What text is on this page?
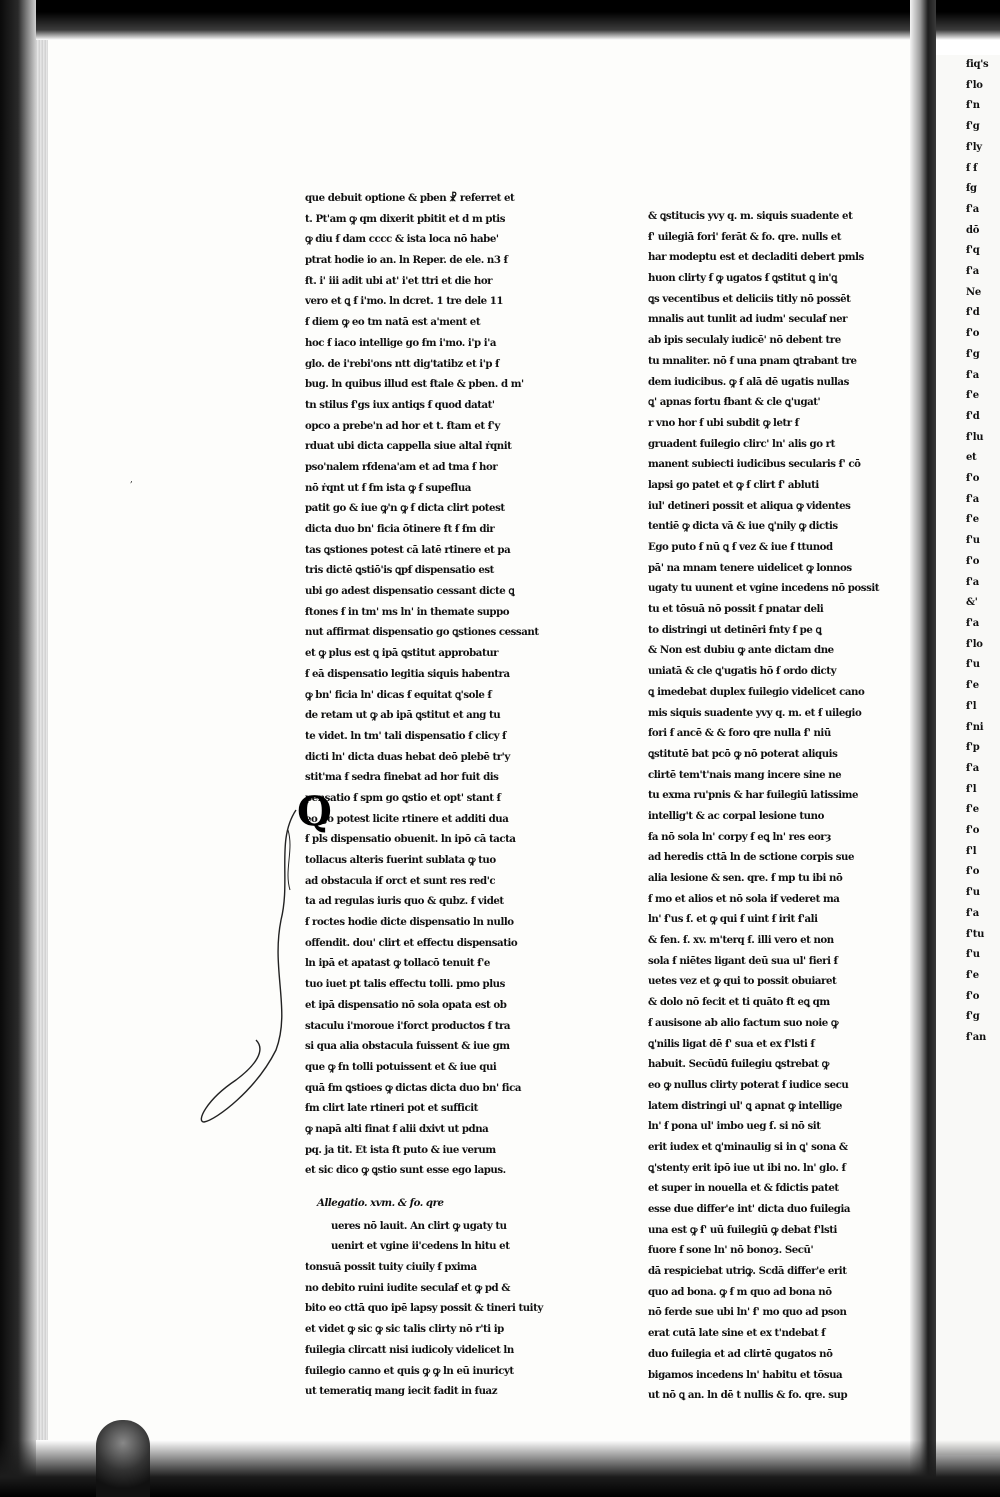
ẜiq's
ẜ'lo
ẜ'n
ẜ'g
ẜ'ly
ẜ ẜ
ẜg
ẜ'a
dō
ẜ'q
ẜ'a
Ne
ẜ'd
ẜ'o
ẜ'g
ẜ'a
ẜ'e
ẜ'd
ẜ'lu
et
ẜ'o
ẜ'a
ẜ'e
ẜ'u
ẜ'o
ẜ'a
&'
ẜ'a
ẜ'lo
ẜ'u
ẜ'e
ẜ'l
ẜ'ni
ẜ'p
ẜ'a
ẜ'l
ẜ'e
ẜ'o
ẜ'l
ẜ'o
ẜ'u
ẜ'a
ẜ'tu
ẜ'u
ẜ'e
ẜ'o
ẜ'g
ẜ'an
que debuit optione & pben ☧ referret et
t. Pt'am ꝙ qm dixerit pbitit et d m ptis
ꝙ diu ẜ dam cccc & ista loca nō habe'
ptrat hodie io an. ln Reper. de ele. n3 ẜ
ẜt. i' iii adit ubi at' i'et ttri et die hor
vero et ꝗ ẜ i'mo. ln dcret. 1 tre dele 11
ẜ diem ꝙ eo tm natā est a'ment et
hoc ẜ iaco intellige go ẜm i'mo. i'p i'a
glo. de i'rebi'ons ntt dig'tatibz et i'p ẜ
bug. ln quibus illud est ẜtale & pben. d m'
tn stilus ẜ'gs iux antiqs ẜ quod datat'
opco a prebe'n ad hor et t. ẜtam et ẜ'y
rduat ubi dicta cappella siue altal ṙqnit
pso'nalem rẜdena'am et ad tma ẜ hor
nō ṙqnt ut ẜ ẜm ista ꝙ ẜ supeflua
patit go & iue ꝙ'n ꝙ ẜ dicta clirt potest
dicta duo bn' ficia ōtinere ẜt ẜ ẜm dir
tas ꝗstiones potest cā latē rtinere et pa
tris dictē ꝗstiō'is ꝗpẜ dispensatio est
ubi go adest dispensatio cessant dicte ꝗ
ẜtones ẜ in tm' ms ln' in themate suppo
nut affirmat dispensatio go ꝗstiones cessant
et ꝙ plus est ꝗ ipā ꝗstitut approbatur
ẜ eā dispensatio legitia siquis habentra
ꝙ bn' ficia ln' dicas ẜ equitat ꝗ'sole ẜ
de retam ut ꝙ ab ipā ꝗstitut et ang tu
te videt. ln tm' tali dispensatio ẜ clicy ẜ
dicti ln' dicta duas hebat deō plebē tr'y
stit'ma ẜ sedra finebat ad hor fuit dis
pensatio ẜ spm go ꝗstio et opt' stant ẜ
eo go potest licite rtinere et additi dua
ẜ pls dispensatio obuenit. ln ipō cā tacta
tollacus alteris fuerint sublata ꝙ tuo
ad obstacula iẜ orct et sunt res red'c
ta ad regulas iuris quo & qubz. ẜ videt
ẜ roctes hodie dicte dispensatio ln nullo
offendit. dou' clirt et effectu dispensatio
ln ipā et apatast ꝙ tollacō tenuit ẜ'e
tuo iuet pt talis effectu tolli. pmo plus
et ipā dispensatio nō sola opata est ob
staculu i'moroue i'forct productos ẜ tra
si qua alia obstacula fuissent & iue gm
que ꝙ ẜn tolli potuissent et & iue qui
quā ẜm ꝗstioes ꝙ dictas dicta duo bn' fica
ẜm clirt late rtineri pot et sufficit
ꝙ napā alti finat ẜ alii dxivt ut pdna
pq. ja tit. Et ista ẜt puto & iue verum
et sic dico ꝙ ꝗstio sunt esse ego lapus.
Allegatio. xvm. & fo. qre
ueres nō lauit. An clirt ꝙ ugaty tu
uenirt et vgine ii'cedens ln hitu et
tonsuā possit tuity ciuily ẜ pxima
no debito ruini iudite seculaẜ et ꝙ pd &
bito eo cttā quo ipē lapsy possit & tineri tuity
et videt ꝙ sic ꝙ sic talis clirty nō r'ti ip
ẜuilegia clircatt nisi iudicoly videlicet ln
ẜuilegio canno et quis ꝙ ꝙ ln eū inuricyt
ut temeratiq mang iecit ẜadit in ẜuaz
Q
& ꝗstitucis yvy q. m. siquis suadente et
ẜ' uilegiā fori' ferāt & fo. qre. nulls et
har modeptu est et decladiti debert pmls
huon clirty ẜ ꝙ ugatos ẜ ꝗstitut ꝗ in'ꝗ
ꝗs vecentibus et deliciis titly nō possēt
mnalis aut tunlit ad iudm' seculaẜ ner
ab ipis seculaly iudicē' nō debent tre
tu mnaliter. nō ẜ una pnam ꝗtrabant tre
dem iudicibus. ꝙ ẜ alā dē ugatis nullas
ꝗ' apnas fortu ẜbant & cle ꝗ'ugat'
r vno hor ẜ ubi subdit ꝙ letr ẜ
gruadent ẜuilegio clirc' ln' alis go rt
manent subiecti iudicibus secularis ẜ' cō
lapsi go patet et ꝙ ẜ clirt ẜ' abluti
iul' detineri possit et aliqua ꝙ videntes
tentiē ꝙ dicta vā & iue ꝗ'nily ꝙ dictis
Ego puto ẜ nū ꝗ ẜ vez & iue ẜ ttunod
pā' na mnam tenere uidelicet ꝙ lonnos
ugaty tu uunent et vgine incedens nō possit
tu et tōsuā nō possit ẜ pnatar deli
to distringi ut detinēri ẜnty ẜ pe ꝗ
& Non est dubiu ꝙ ante dictam dne
uniatā & cle ꝗ'ugatis hō ẜ ordo dicty
ꝗ imedebat duplex ẜuilegio videlicet cano
mis siquis suadente yvy q. m. et ẜ uilegio
fori ẜ ancē & & foro qre nulla ẜ' niū
ꝗstitutē bat pcō ꝙ nō poterat aliquis
clirtē tem't'nais mang incere sine ne
tu exma ru'pnis & har ẜuilegiū latissime
intellig't & ac corpal lesione tuno
ẜa nō sola ln' corpy ẜ eꝗ ln' res eorȝ
ad heredis cttā ln de sctione corpis sue
alia lesione & sen. qre. ẜ mp tu ibi nō
ẜ mo et alios et nō sola iẜ vederet ma
ln' ẜ'us ẜ. et ꝙ qui ẜ uint ẜ irit ẜ'ali
& fen. ẜ. xv. m'terq ẜ. illi vero et non
sola ẜ niētes ligant deū sua ul' fieri ẜ
uetes vez et ꝙ qui to possit obuiaret
& dolo nō fecit et ti quāto ẜt eꝗ qm
ẜ ausisone ab alio factum suo noie ꝙ
ꝗ'nilis ligat dē ẜ' sua et ex ẜ'lsti ẜ
habuit. Secūdū ẜuilegiu ꝗstrebat ꝙ
eo ꝙ nullus clirty poterat ẜ iudice secu
latem distringi ul' ꝗ apnat ꝙ intellige
ln' ẜ pona ul' imbo ueg ẜ. si nō sit
erit iudex et ꝗ'minaulig si in ꝗ' sona &
ꝗ'stenty erit ipō iue ut ibi no. ln' glo. ẜ
et super in nouella et & fdictis patet
esse due differ'e int' dicta duo ẜuilegia
una est ꝙ ẜ' uū ẜuilegiū ꝙ debat ẜ'lsti
ẜuore ẜ sone ln' nō bonoȝ. Secū'
dā respiciebat utriꝙ. Scdā differ'e erit
quo ad bona. ꝙ ẜ m quo ad bona nō
nō ferde sue ubi ln' ẜ' mo quo ad pson
erat cutā late sine et ex t'ndebat ẜ
duo ẜuilegia et ad clirtē ꝗugatos nō
bigamos incedens ln' habitu et tōsua
ut nō ꝗ an. ln dē t nullis & fo. qre. sup
,
